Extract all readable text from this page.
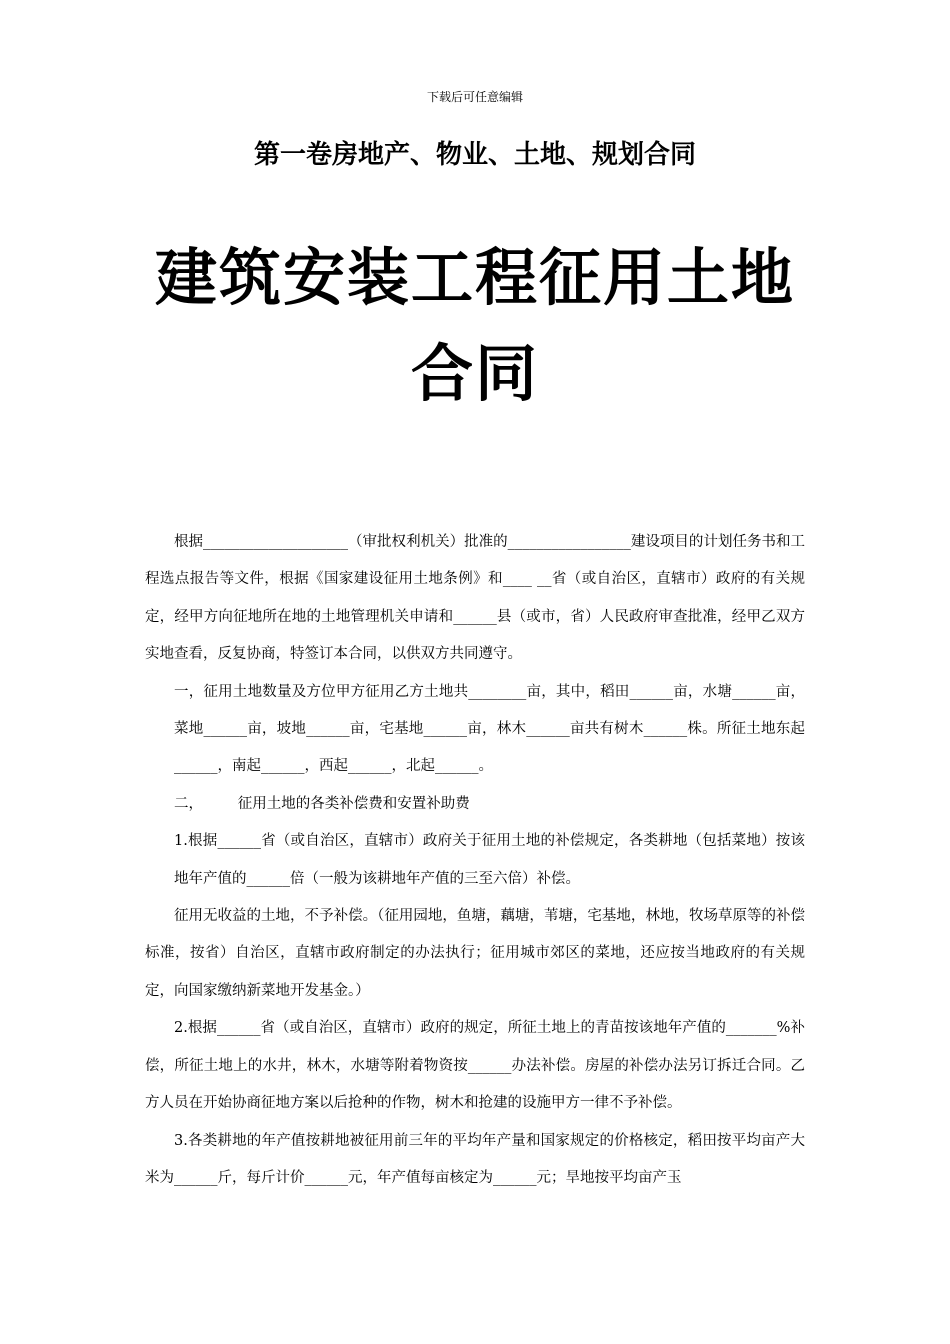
下载后可任意编辑
第一卷房地产、物业、土地、规划合同
建筑安装工程征用土地
合同

根据____________________（审批权利机关）批准的_________________建设项目的计划任务书和工程选点报告等文件，根据《国家建设征用土地条例》和____ __省（或自治区，直辖市）政府的有关规定，经甲方向征地所在地的土地管理机关申请和______县（或市，省）人民政府审查批准，经甲乙双方实地查看，反复协商，特签订本合同，以供双方共同遵守。

一，征用土地数量及方位甲方征用乙方土地共________亩，其中，稻田______亩，水塘______亩，菜地______亩，坡地______亩，宅基地______亩，林木______亩共有树木______株。所征土地东起______，南起______，西起______，北起______。

二， 征用土地的各类补偿费和安置补助费

1.根据______省（或自治区，直辖市）政府关于征用土地的补偿规定，各类耕地（包括菜地）按该地年产值的______倍（一般为该耕地年产值的三至六倍）补偿。

征用无收益的土地，不予补偿。（征用园地，鱼塘，藕塘，苇塘，宅基地，林地，牧场草原等的补偿标准，按省）自治区，直辖市政府制定的办法执行；征用城市郊区的菜地，还应按当地政府的有关规定，向国家缴纳新菜地开发基金。）

2.根据______省（或自治区，直辖市）政府的规定，所征土地上的青苗按该地年产值的_______%补偿，所征土地上的水井，林木，水塘等附着物资按______办法补偿。房屋的补偿办法另订拆迁合同。乙方人员在开始协商征地方案以后抢种的作物，树木和抢建的设施甲方一律不予补偿。

3.各类耕地的年产值按耕地被征用前三年的平均年产量和国家规定的价格核定，稻田按平均亩产大米为______斤，每斤计价______元，年产值每亩核定为______元；旱地按平均亩产玉
